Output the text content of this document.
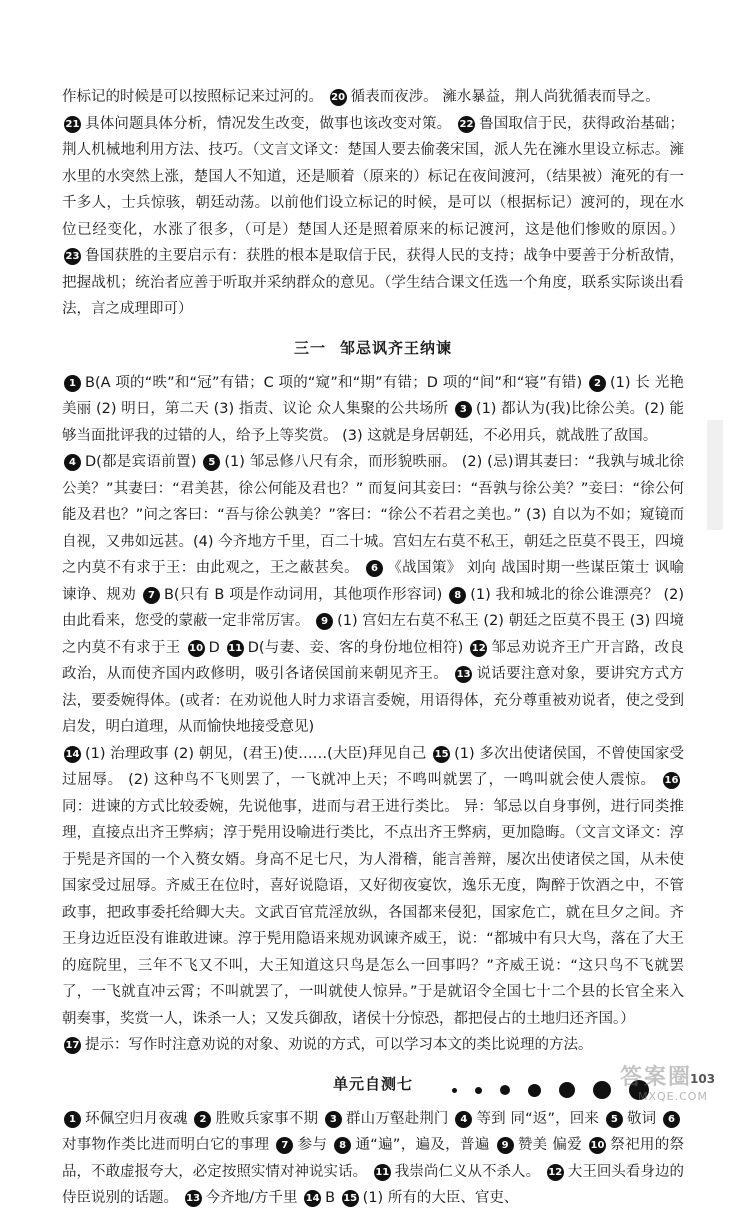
作标记的时候是可以按照标记来过河的。 20 循表而夜涉。 澭水暴益，荆人尚犹循表而导之。

21 具体问题具体分析，情况发生改变，做事也该改变对策。 22 鲁国取信于民，获得政治基础；荆人机械地利用方法、技巧。（文言文译文：楚国人要去偷袭宋国，派人先在澭水里设立标志。澭水里的水突然上涨，楚国人不知道，还是顺着（原来的）标记在夜间渡河，（结果被）淹死的有一千多人，士兵惊骇，朝廷动荡。以前他们设立标记的时候，是可以（根据标记）渡河的，现在水位已经变化，水涨了很多，（可是）楚国人还是照着原来的标记渡河，这是他们惨败的原因。） 23 鲁国获胜的主要启示有：获胜的根本是取信于民，获得人民的支持；战争中要善于分析敌情，把握战机；统治者应善于听取并采纳群众的意见。（学生结合课文任选一个角度，联系实际谈出看法，言之成理即可）

三一 邹忌讽齐王纳谏

1 B(A 项的“昳”和“冠”有错；C 项的“窥”和“期”有错；D 项的“间”和“寝”有错) 2 (1) 长 光艳美丽 (2) 明日，第二天 (3) 指责、议论 众人集聚的公共场所 3 (1) 都认为(我)比徐公美。(2) 能够当面批评我的过错的人，给予上等奖赏。 (3) 这就是身居朝廷，不必用兵，就战胜了敌国。

4 D(都是宾语前置) 5 (1) 邹忌修八尺有余，而形貌昳丽。 (2) (忌)谓其妻曰：“我孰与城北徐公美？”其妻曰：“君美甚，徐公何能及君也？” 而复问其妾曰：“吾孰与徐公美？”妾曰：“徐公何能及君也？”问之客曰：“吾与徐公孰美？”客曰：“徐公不若君之美也。” (3) 自以为不如；窥镜而自视，又弗如远甚。(4) 今齐地方千里，百二十城。宫妇左右莫不私王，朝廷之臣莫不畏王，四境之内莫不有求于王：由此观之，王之蔽甚矣。 6 《战国策》 刘向 战国时期一些谋臣策士 讽喻 谏诤、规劝 7 B(只有 B 项是作动词用，其他项作形容词) 8 (1) 我和城北的徐公谁漂亮？ (2) 由此看来，您受的蒙蔽一定非常厉害。 9 (1) 宫妇左右莫不私王 (2) 朝廷之臣莫不畏王 (3) 四境之内莫不有求于王 10 D 11 D(与妻、妾、客的身份地位相符) 12 邹忌劝说齐王广开言路，改良政治，从而使齐国内政修明，吸引各诸侯国前来朝见齐王。 13 说话要注意对象，要讲究方式方法，要委婉得体。(或者：在劝说他人时力求语言委婉，用语得体，充分尊重被劝说者，使之受到启发，明白道理，从而愉快地接受意见)

14 (1) 治理政事 (2) 朝见，(君王)使……(大臣)拜见自己 15 (1) 多次出使诸侯国，不曾使国家受过屈辱。 (2) 这种鸟不飞则罢了，一飞就冲上天；不鸣叫就罢了，一鸣叫就会使人震惊。 16同：进谏的方式比较委婉，先说他事，进而与君王进行类比。 异：邹忌以自身事例，进行同类推理，直接点出齐王弊病；淳于髡用设喻进行类比，不点出齐王弊病，更加隐晦。（文言文译文：淳于髡是齐国的一个入赘女婿。身高不足七尺，为人滑稽，能言善辩，屡次出使诸侯之国，从未使国家受过屈辱。齐威王在位时，喜好说隐语，又好彻夜宴饮，逸乐无度，陶醉于饮酒之中，不管政事，把政事委托给卿大夫。文武百官荒淫放纵，各国都来侵犯，国家危亡，就在旦夕之间。齐王身边近臣没有谁敢进谏。淳于髡用隐语来规劝讽谏齐威王，说：“都城中有只大鸟，落在了大王的庭院里，三年不飞又不叫，大王知道这只鸟是怎么一回事吗？”齐威王说：“这只鸟不飞就罢了，一飞就直冲云霄；不叫就罢了，一叫就使人惊异。”于是就诏令全国七十二个县的长官全来入朝奏事，奖赏一人，诛杀一人；又发兵御敌，诸侯十分惊恐，都把侵占的土地归还齐国。）

17 提示：写作时注意劝说的对象、劝说的方式，可以学习本文的类比说理的方法。

单元自测七

1 环佩空归月夜魂 2 胜败兵家事不期 3 群山万壑赴荆门 4 等到 同“返”，回来 5 敬词 6对事物作类比进而明白它的事理 7 参与 8 通“遍”，遍及，普遍 9 赞美 偏爱 10 祭祀用的祭品，不敢虚报夸大，必定按照实情对神说实话。 11 我崇尚仁义从不杀人。 12 大王回头看身边的侍臣说别的话题。 13 今齐地/方千里 14 B 15 (1) 所有的大臣、官吏、

103
答案圈
MXQE.COM
